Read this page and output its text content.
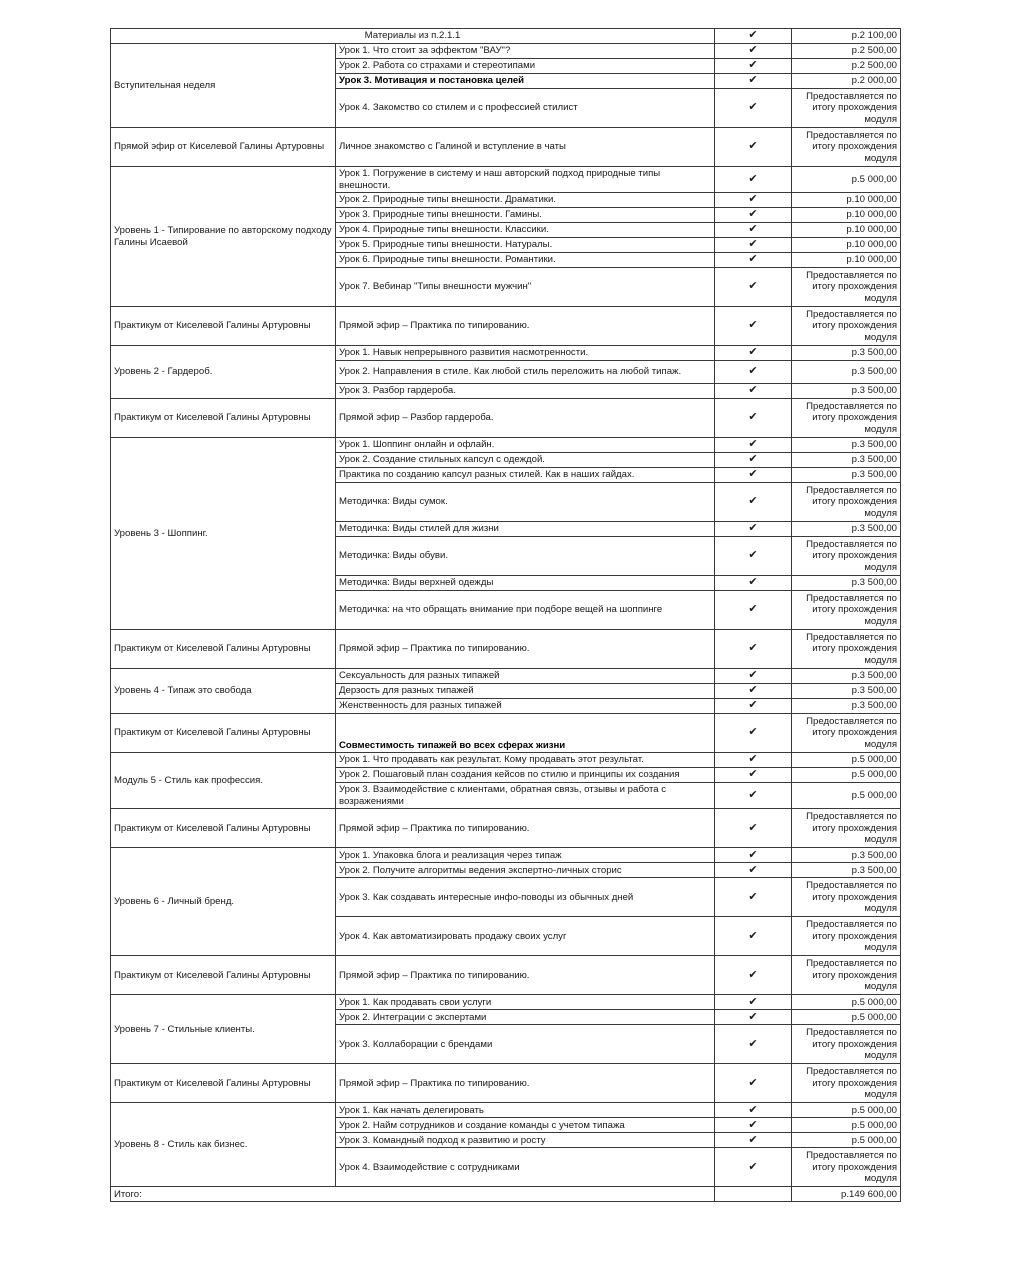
Материалы из п.2.1.1		✔	р.2 100,00
Вступительная неделя	Урок 1. Что стоит за эффектом "ВАУ"?	✔	р.2 500,00
	Урок 2. Работа со страхами и стереотипами	✔	р.2 500,00
	Урок 3. Мотивация и постановка целей	✔	р.2 000,00
	Урок 4. Закомство со стилем и с профессией стилист	✔	Предоставляется по итогу прохождения модуля
Прямой эфир от Киселевой Галины Артуровны	Личное знакомство с Галиной и вступление в чаты	✔	Предоставляется по итогу прохождения модуля
Уровень 1 - Типирование по авторскому подходу Галины Исаевой	Урок 1. Погружение в систему и наш авторский подход природные типы внешности.	✔	р.5 000,00
	Урок 2. Природные типы внешности. Драматики.	✔	р.10 000,00
	Урок 3. Природные типы внешности. Гамины.	✔	р.10 000,00
	Урок 4. Природные типы внешности. Классики.	✔	р.10 000,00
	Урок 5. Природные типы внешности. Натуралы.	✔	р.10 000,00
	Урок 6. Природные типы внешности. Романтики.	✔	р.10 000,00
	Урок 7. Вебинар "Типы внешности мужчин"	✔	Предоставляется по итогу прохождения модуля
Практикум от Киселевой Галины Артуровны	Прямой эфир – Практика по типированию.	✔	Предоставляется по итогу прохождения модуля
Уровень 2 - Гардероб.	Урок 1. Навык непрерывного развития насмотренности.	✔	р.3 500,00
	Урок 2. Направления в стиле. Как любой стиль переложить на любой типаж.	✔	р.3 500,00
	Урок 3. Разбор гардероба.	✔	р.3 500,00
Практикум от Киселевой Галины Артуровны	Прямой эфир – Разбор гардероба.	✔	Предоставляется по итогу прохождения модуля
Уровень 3 - Шоппинг.	Урок 1. Шоппинг онлайн и офлайн.	✔	р.3 500,00
	Урок 2. Создание стильных капсул с одеждой.	✔	р.3 500,00
	Практика по созданию капсул разных стилей. Как в наших гайдах.	✔	р.3 500,00
	Методичка: Виды сумок.	✔	Предоставляется по итогу прохождения модуля
	Методичка: Виды стилей для жизни	✔	р.3 500,00
	Методичка: Виды обуви.	✔	Предоставляется по итогу прохождения модуля
	Методичка: Виды верхней одежды	✔	р.3 500,00
	Методичка: на что обращать внимание при подборе вещей на шоппинге	✔	Предоставляется по итогу прохождения модуля
Практикум от Киселевой Галины Артуровны	Прямой эфир – Практика по типированию.	✔	Предоставляется по итогу прохождения модуля
Уровень 4 - Типаж это свобода	Сексуальность для разных типажей	✔	р.3 500,00
	Дерзость для разных типажей	✔	р.3 500,00
	Женственность для разных типажей	✔	р.3 500,00
Практикум от Киселевой Галины Артуровны	Совместимость типажей во всех сферах жизни	✔	Предоставляется по итогу прохождения модуля
Модуль 5 - Стиль как профессия.	Урок 1. Что продавать как результат. Кому продавать этот результат.	✔	р.5 000,00
	Урок 2. Пошаговый план создания кейсов по стилю и принципы их создания	✔	р.5 000,00
	Урок 3. Взаимодействие с клиентами, обратная связь, отзывы и работа с возражениями	✔	р.5 000,00
Практикум от Киселевой Галины Артуровны	Прямой эфир – Практика по типированию.	✔	Предоставляется по итогу прохождения модуля
Уровень 6 - Личный бренд.	Урок 1. Упаковка блога и реализация через типаж	✔	р.3 500,00
	Урок 2. Получите алгоритмы ведения экспертно-личных сторис	✔	р.3 500,00
	Урок 3. Как создавать интересные инфо-поводы из обычных дней	✔	Предоставляется по итогу прохождения модуля
	Урок 4. Как автоматизировать продажу своих услуг	✔	Предоставляется по итогу прохождения модуля
Практикум от Киселевой Галины Артуровны	Прямой эфир – Практика по типированию.	✔	Предоставляется по итогу прохождения модуля
Уровень 7 - Стильные клиенты.	Урок 1. Как продавать свои услуги	✔	р.5 000,00
	Урок 2. Интеграции с экспертами	✔	р.5 000,00
	Урок 3. Коллаборации с брендами	✔	Предоставляется по итогу прохождения модуля
Практикум от Киселевой Галины Артуровны	Прямой эфир – Практика по типированию.	✔	Предоставляется по итогу прохождения модуля
Уровень 8 - Стиль как бизнес.	Урок 1. Как начать делегировать	✔	р.5 000,00
	Урок 2. Найм сотрудников и создание команды с учетом типажа	✔	р.5 000,00
	Урок 3. Командный подход к развитию и росту	✔	р.5 000,00
	Урок 4. Взаимодействие с сотрудниками	✔	Предоставляется по итогу прохождения модуля
Итого:			р.149 600,00
